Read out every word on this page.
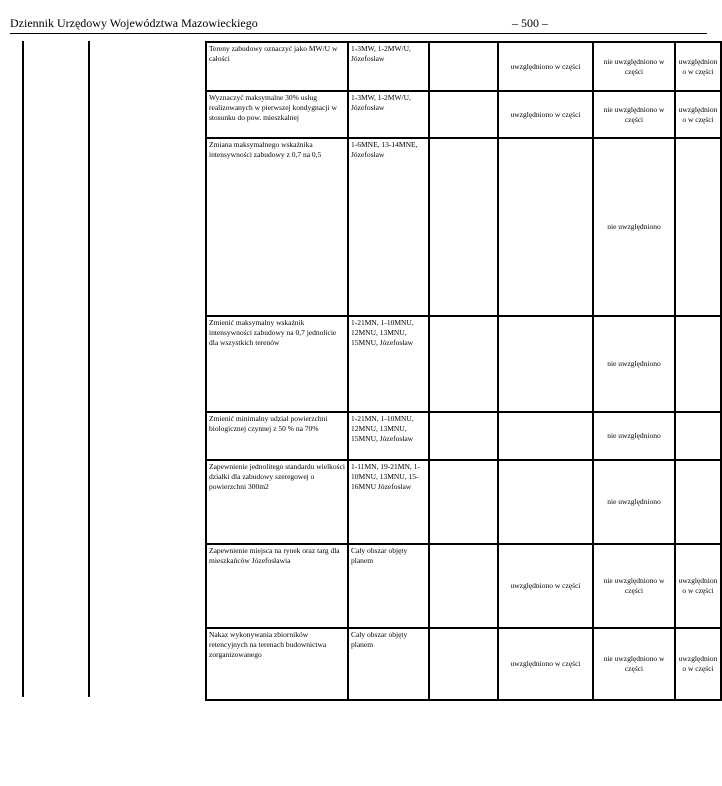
Dziennik Urzędowy Województwa Mazowieckiego	– 500 –
Tereny zabudowy oznaczyć jako MW/U w całości	1-3MW, 1-2MW/U, Józefosław		uwzględniono w części	nie uwzględniono w części	uwzględniono w części
Wyznaczyć maksymalne 30% usług realizowanych w pierwszej kondygnacji w stosunku do pow. mieszkalnej	1-3MW, 1-2MW/U, Józefosław		uwzględniono w części	nie uwzględniono w części	uwzględniono w części
Zmiana maksymalnego wskaźnika intensywności zabudowy z 0,7 na 0,5	1-6MNE, 13-14MNE, Józefosław			nie uwzględniono	
Zmienić maksymalny wskaźnik intensywności zabudowy na 0,7 jednolicie dla wszystkich terenów	1-21MN, 1-10MNU, 12MNU, 13MNU, 15MNU, Józefosław			nie uwzględniono	
Zmienić minimalny udział powierzchni biologicznej czynnej z 50 % na 70%	1-21MN, 1-10MNU, 12MNU, 13MNU, 15MNU, Józefosław			nie uwzględniono	
Zapewnienie jednolitego standardu wielkości działki dla zabudowy szeregowej o powierzchni 300m2	1-11MN, 19-21MN, 1-10MNU, 13MNU, 15-16MNU Józefosław			nie uwzględniono	
Zapewnienie miejsca na rynek oraz targ dla mieszkańców Józefosławia	Cały obszar objęty planem		uwzględniono w części	nie uwzględniono w części	uwzględniono w części
Nakaz wykonywania zbiorników retencyjnych na terenach budownictwa zorganizowanego	Cały obszar objęty planem		uwzględniono w części	nie uwzględniono w części	uwzględniono w części
